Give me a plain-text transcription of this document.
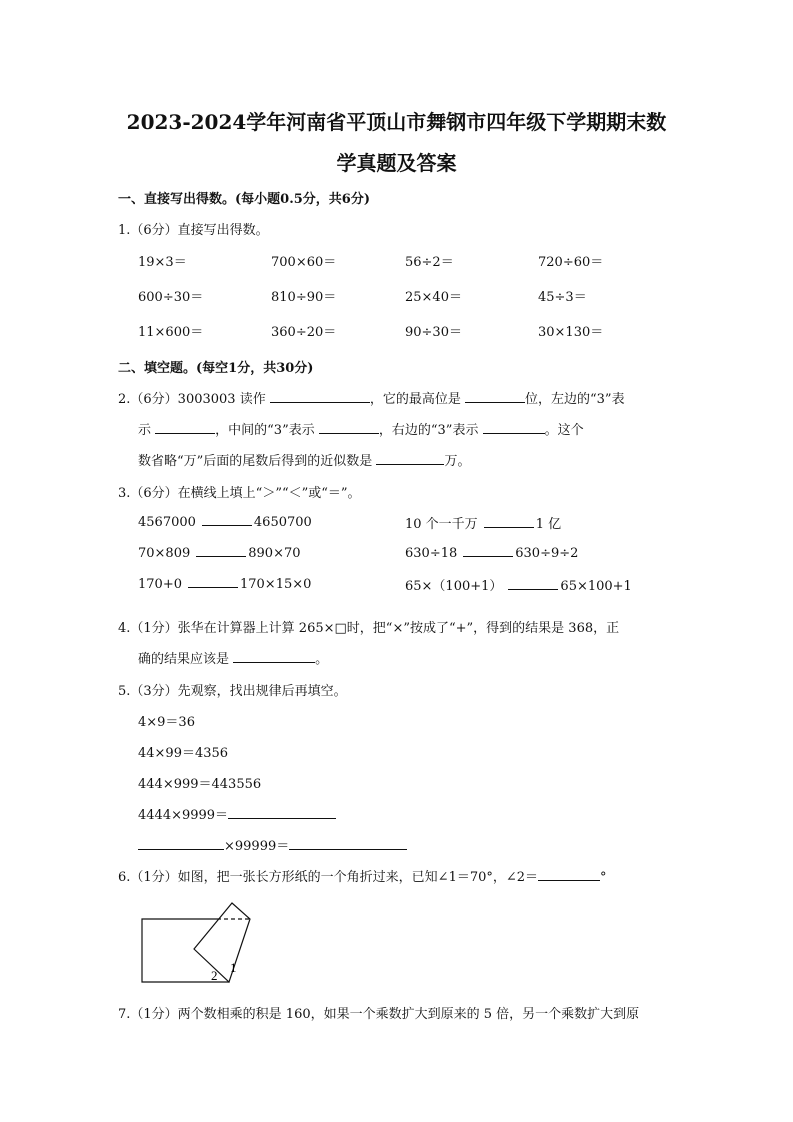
2023-2024学年河南省平顶山市舞钢市四年级下学期期末数
学真题及答案
一、直接写出得数。(每小题0.5分，共6分)
1.（6分）直接写出得数。
二、填空题。(每空1分，共30分)
2.（6分）3003003 读作	，它的最高位是	位，左边的“3”表
示	，中间的“3”表示	，右边的“3”表示	。这个
数省略“万”后面的尾数后得到的近似数是	万。
3.（6分）在横线上填上“＞”“＜”或“＝”。
4.（1分）张华在计算器上计算 265×□时，把“×”按成了“+”，得到的结果是 368，正
确的结果应该是	。
5.（3分）先观察，找出规律后再填空。
4×9＝36
44×99＝4356
444×999＝443556
4444×9999＝
×99999＝
6.（1分）如图，把一张长方形纸的一个角折过来，已知∠1＝70°，∠2＝	°
2
1
7.（1分）两个数相乘的积是 160，如果一个乘数扩大到原来的 5 倍，另一个乘数扩大到原
19×3＝	700×60＝	56÷2＝	720÷60＝
600÷30＝	810÷90＝	25×40＝	45÷3＝
11×600＝	360÷20＝	90÷30＝	30×130＝
4567000	4650700	10 个一千万	1 亿
70×809	890×70	630÷18	630÷9÷2
170+0	170×15×0	65×（100+1）	65×100+1
